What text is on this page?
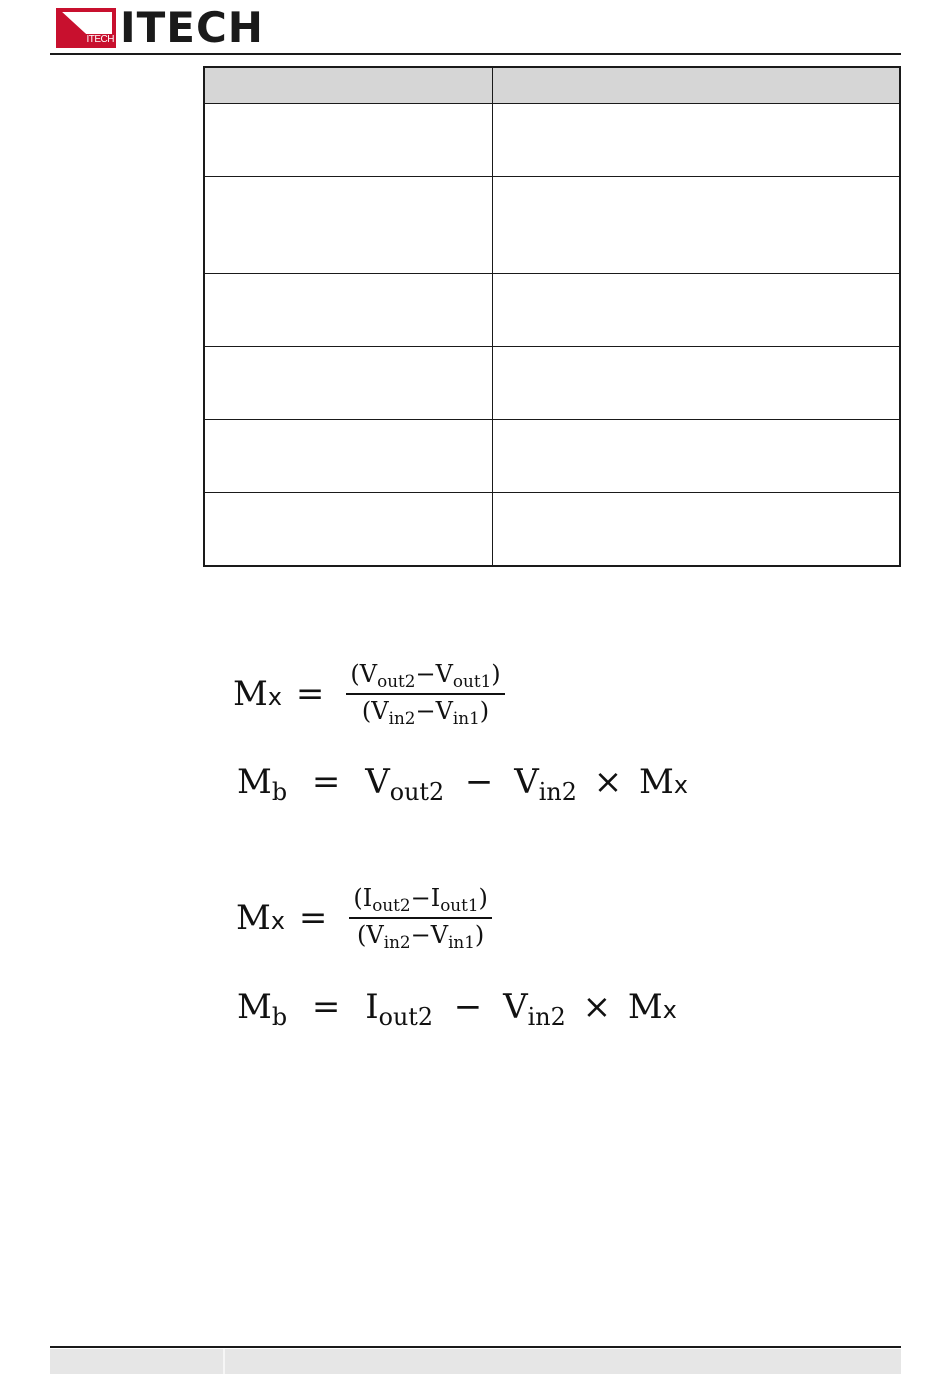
ITECH ITECH

$Mx = \frac{(V_{out2}-V_{out1})}{(V_{in2}-V_{in1})}$
$M_b = V_{out2} - V_{in2} \times Mx$
$Mx = \frac{(I_{out2}-I_{out1})}{(V_{in2}-V_{in1})}$
$M_b = I_{out2} - V_{in2} \times Mx$
